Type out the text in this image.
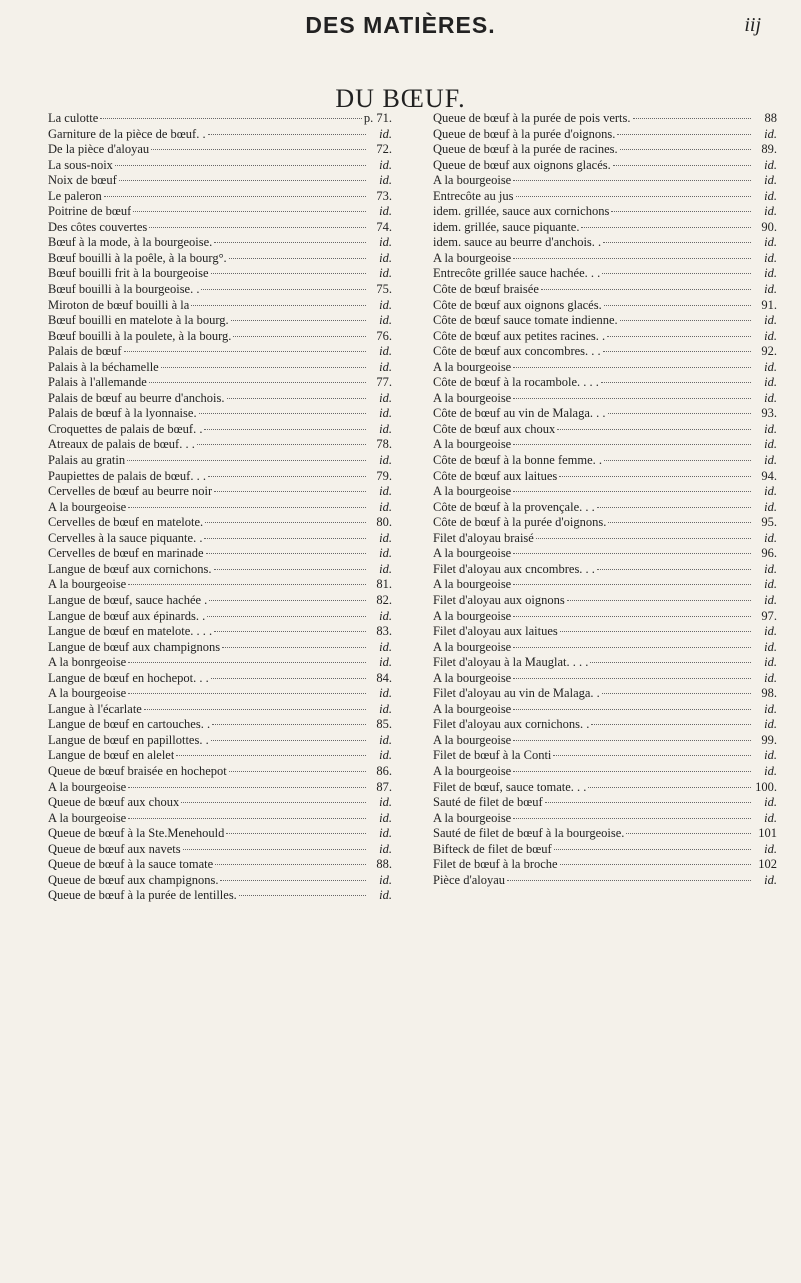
DES MATIÈRES.	iij
DU BŒUF.
La culotte	p. 71.
Garniture de la pièce de bœuf. .	id.
De la pièce d'aloyau	72.
La sous-noix	id.
Noix de bœuf	id.
Le paleron	73.
Poitrine de bœuf	id.
Des côtes couvertes	74.
Bœuf à la mode, à la bourgeoise.	id.
Bœuf bouilli à la poêle, à la bourg°.	id.
Bœuf bouilli frit à la bourgeoise	id.
Bœuf bouilli à la bourgeoise. .	75.
Miroton de bœuf bouilli à la	id.
Bœuf bouilli en matelote à la bourg.	id.
Bœuf bouilli à la poulete, à la bourg.	76.
Palais de bœuf	id.
Palais à la béchamelle	id.
Palais à l'allemande	77.
Palais de bœuf au beurre d'anchois.	id.
Palais de bœuf à la lyonnaise.	id.
Croquettes de palais de bœuf. .	id.
Atreaux de palais de bœuf. . .	78.
Palais au gratin	id.
Paupiettes de palais de bœuf. . .	79.
Cervelles de bœuf au beurre noir	id.
A la bourgeoise	id.
Cervelles de bœuf en matelote.	80.
Cervelles à la sauce piquante. .	id.
Cervelles de bœuf en marinade	id.
Langue de bœuf aux cornichons.	id.
A la bourgeoise	81.
Langue de bœuf, sauce hachée .	82.
Langue de bœuf aux épinards. .	id.
Langue de bœuf en matelote. . . .	83.
Langue de bœuf aux champignons	id.
A la bonrgeoise	id.
Langue de bœuf en hochepot. . .	84.
A la bourgeoise	id.
Langue à l'écarlate	id.
Langue de bœuf en cartouches. .	85.
Langue de bœuf en papillottes. .	id.
Langue de bœuf en alelet	id.
Queue de bœuf braisée en hochepot	86.
A la bourgeoise	87.
Queue de bœuf aux choux	id.
A la bourgeoise	id.
Queue de bœuf à la Ste.Menehould	id.
Queue de bœuf aux navets	id.
Queue de bœuf à la sauce tomate	88.
Queue de bœuf aux champignons.	id.
Queue de bœuf à la purée de lentilles.	id.
Queue de bœuf à la purée de pois verts.	88
Queue de bœuf à la purée d'oignons.	id.
Queue de bœuf à la purée de racines.	89.
Queue de bœuf aux oignons glacés.	id.
A la bourgeoise	id.
Entrecôte au jus	id.
idem. grillée, sauce aux cornichons	id.
idem. grillée, sauce piquante.	90.
idem. sauce au beurre d'anchois. .	id.
A la bourgeoise	id.
Entrecôte grillée sauce hachée. . .	id.
Côte de bœuf braisée	id.
Côte de bœuf aux oignons glacés.	91.
Côte de bœuf sauce tomate indienne.	id.
Côte de bœuf aux petites racines. .	id.
Côte de bœuf aux concombres. . .	92.
A la bourgeoise	id.
Côte de bœuf à la rocambole. . . .	id.
A la bourgeoise	id.
Côte de bœuf au vin de Malaga. . .	93.
Côte de bœuf aux choux	id.
A la bourgeoise	id.
Côte de bœuf à la bonne femme. .	id.
Côte de bœuf aux laitues	94.
A la bourgeoise	id.
Côte de bœuf à la provençale. . .	id.
Côte de bœuf à la purée d'oignons.	95.
Filet d'aloyau braisé	id.
A la bourgeoise	96.
Filet d'aloyau aux cncombres. . .	id.
A la bourgeoise	id.
Filet d'aloyau aux oignons	id.
A la bourgeoise	97.
Filet d'aloyau aux laitues	id.
A la bourgeoise	id.
Filet d'aloyau à la Mauglat. . . .	id.
A la bourgeoise	id.
Filet d'aloyau au vin de Malaga. .	98.
A la bourgeoise	id.
Filet d'aloyau aux cornichons. .	id.
A la bourgeoise	99.
Filet de bœuf à la Conti	id.
A la bourgeoise	id.
Filet de bœuf, sauce tomate. . .	100.
Sauté de filet de bœuf	id.
A la bourgeoise	id.
Sauté de filet de bœuf à la bourgeoise.	101
Bifteck de filet de bœuf	id.
Filet de bœuf à la broche	102
Pièce d'aloyau	id.
